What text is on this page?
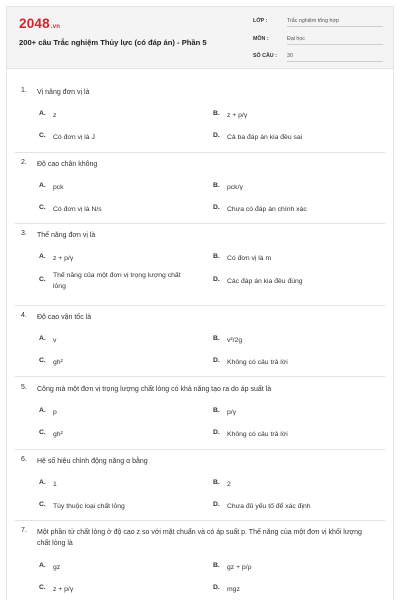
2048.vn
200+ câu Trắc nghiệm Thủy lực (có đáp án) - Phần 5
LỚP :	Trắc nghiệm tổng hợp
MÔN :	Đại học
SỐ CÂU : 30
1. Vị năng đơn vị là
A. z	B. z + p/γ
C. Có đơn vị là J	D. Cả ba đáp án kia đều sai
2. Độ cao chân không
A. pck	B. pck/γ
C. Có đơn vị là N/s	D. Chưa có đáp án chính xác
3. Thế năng đơn vị là
A. z + p/γ	B. Có đơn vị là m
C.
Thế năng của một đơn vị trọng lượng chất lỏng
D. Các đáp án kia đều đúng
4. Độ cao vận tốc là
A. v	B. v²/2g
C. gh²	D. Không có câu trả lời
5. Công mà một đơn vị trọng lượng chất lỏng có khả năng tạo ra do áp suất là
A. p	B. p/γ
C. gh²	D. Không có câu trả lời
6. Hệ số hiệu chỉnh động năng α bằng
A. 1	B. 2
C. Tùy thuộc loại chất lỏng	D. Chưa đủ yếu tố để xác định
7. Một phần tử chất lỏng ở độ cao z so với mặt chuẩn và có áp suất p. Thế năng của một đơn vị khối lượng chất lỏng là
A. gz	B. gz + p/ρ
C. z + p/γ	D. mgz
